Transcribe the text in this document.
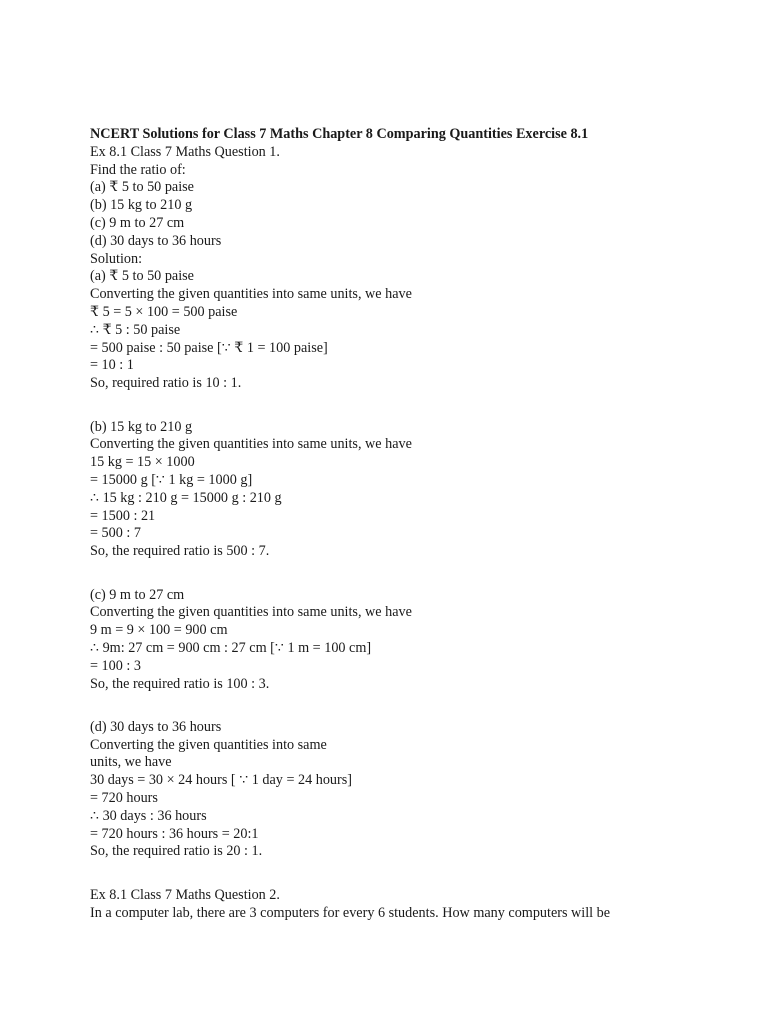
NCERT Solutions for Class 7 Maths Chapter 8 Comparing Quantities Exercise 8.1
Ex 8.1 Class 7 Maths Question 1.
Find the ratio of:
(a) ₹ 5 to 50 paise
(b) 15 kg to 210 g
(c) 9 m to 27 cm
(d) 30 days to 36 hours
Solution:
(a) ₹ 5 to 50 paise
Converting the given quantities into same units, we have
₹ 5 = 5 × 100 = 500 paise
∴ ₹ 5 : 50 paise
= 500 paise : 50 paise [∵ ₹ 1 = 100 paise]
= 10 : 1
So, required ratio is 10 : 1.
(b) 15 kg to 210 g
Converting the given quantities into same units, we have
15 kg = 15 × 1000
= 15000 g [∵ 1 kg = 1000 g]
∴ 15 kg : 210 g = 15000 g : 210 g
= 1500 : 21
= 500 : 7
So, the required ratio is 500 : 7.
(c) 9 m to 27 cm
Converting the given quantities into same units, we have
9 m = 9 × 100 = 900 cm
∴ 9m: 27 cm = 900 cm : 27 cm [∵ 1 m = 100 cm]
= 100 : 3
So, the required ratio is 100 : 3.
(d) 30 days to 36 hours
Converting the given quantities into same
units, we have
30 days = 30 × 24 hours [ ∵ 1 day = 24 hours]
= 720 hours
∴ 30 days : 36 hours
= 720 hours : 36 hours = 20:1
So, the required ratio is 20 : 1.
Ex 8.1 Class 7 Maths Question 2.
In a computer lab, there are 3 computers for every 6 students. How many computers will be
